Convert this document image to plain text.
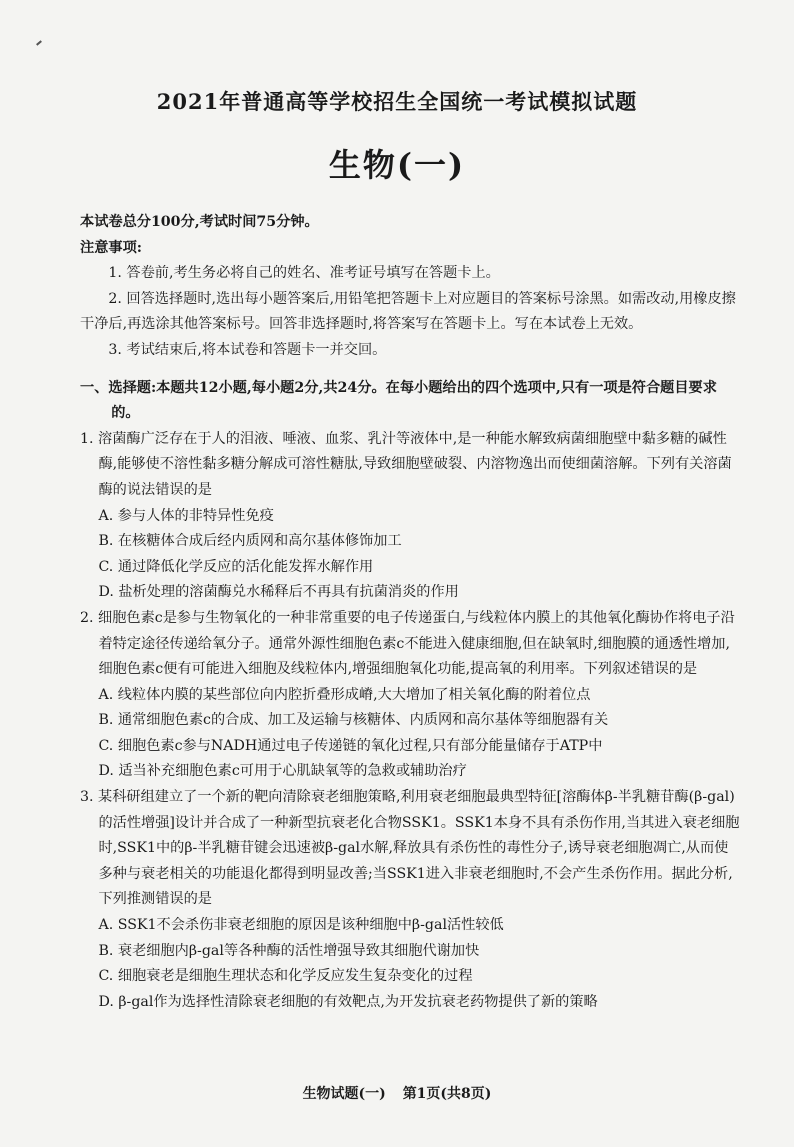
2021年普通高等学校招生全国统一考试模拟试题
生物(一)
本试卷总分100分,考试时间75分钟。
注意事项:
1. 答卷前,考生务必将自己的姓名、准考证号填写在答题卡上。
2. 回答选择题时,选出每小题答案后,用铅笔把答题卡上对应题目的答案标号涂黑。如需改动,用橡皮擦干净后,再选涂其他答案标号。回答非选择题时,将答案写在答题卡上。写在本试卷上无效。
3. 考试结束后,将本试卷和答题卡一并交回。
一、选择题:本题共12小题,每小题2分,共24分。在每小题给出的四个选项中,只有一项是符合题目要求的。
1. 溶菌酶广泛存在于人的泪液、唾液、血浆、乳汁等液体中,是一种能水解致病菌细胞壁中黏多糖的碱性酶,能够使不溶性黏多糖分解成可溶性糖肽,导致细胞壁破裂、内溶物逸出而使细菌溶解。下列有关溶菌酶的说法错误的是
A. 参与人体的非特异性免疫
B. 在核糖体合成后经内质网和高尔基体修饰加工
C. 通过降低化学反应的活化能发挥水解作用
D. 盐析处理的溶菌酶兑水稀释后不再具有抗菌消炎的作用
2. 细胞色素c是参与生物氧化的一种非常重要的电子传递蛋白,与线粒体内膜上的其他氧化酶协作将电子沿着特定途径传递给氧分子。通常外源性细胞色素c不能进入健康细胞,但在缺氧时,细胞膜的通透性增加,细胞色素c便有可能进入细胞及线粒体内,增强细胞氧化功能,提高氧的利用率。下列叙述错误的是
A. 线粒体内膜的某些部位向内腔折叠形成嵴,大大增加了相关氧化酶的附着位点
B. 通常细胞色素c的合成、加工及运输与核糖体、内质网和高尔基体等细胞器有关
C. 细胞色素c参与NADH通过电子传递链的氧化过程,只有部分能量储存于ATP中
D. 适当补充细胞色素c可用于心肌缺氧等的急救或辅助治疗
3. 某科研组建立了一个新的靶向清除衰老细胞策略,利用衰老细胞最典型特征[溶酶体β-半乳糖苷酶(β-gal)的活性增强]设计并合成了一种新型抗衰老化合物SSK1。SSK1本身不具有杀伤作用,当其进入衰老细胞时,SSK1中的β-半乳糖苷键会迅速被β-gal水解,释放具有杀伤性的毒性分子,诱导衰老细胞凋亡,从而使多种与衰老相关的功能退化都得到明显改善;当SSK1进入非衰老细胞时,不会产生杀伤作用。据此分析,下列推测错误的是
A. SSK1不会杀伤非衰老细胞的原因是该种细胞中β-gal活性较低
B. 衰老细胞内β-gal等各种酶的活性增强导致其细胞代谢加快
C. 细胞衰老是细胞生理状态和化学反应发生复杂变化的过程
D. β-gal作为选择性清除衰老细胞的有效靶点,为开发抗衰老药物提供了新的策略
生物试题(一) 第1页(共8页)
